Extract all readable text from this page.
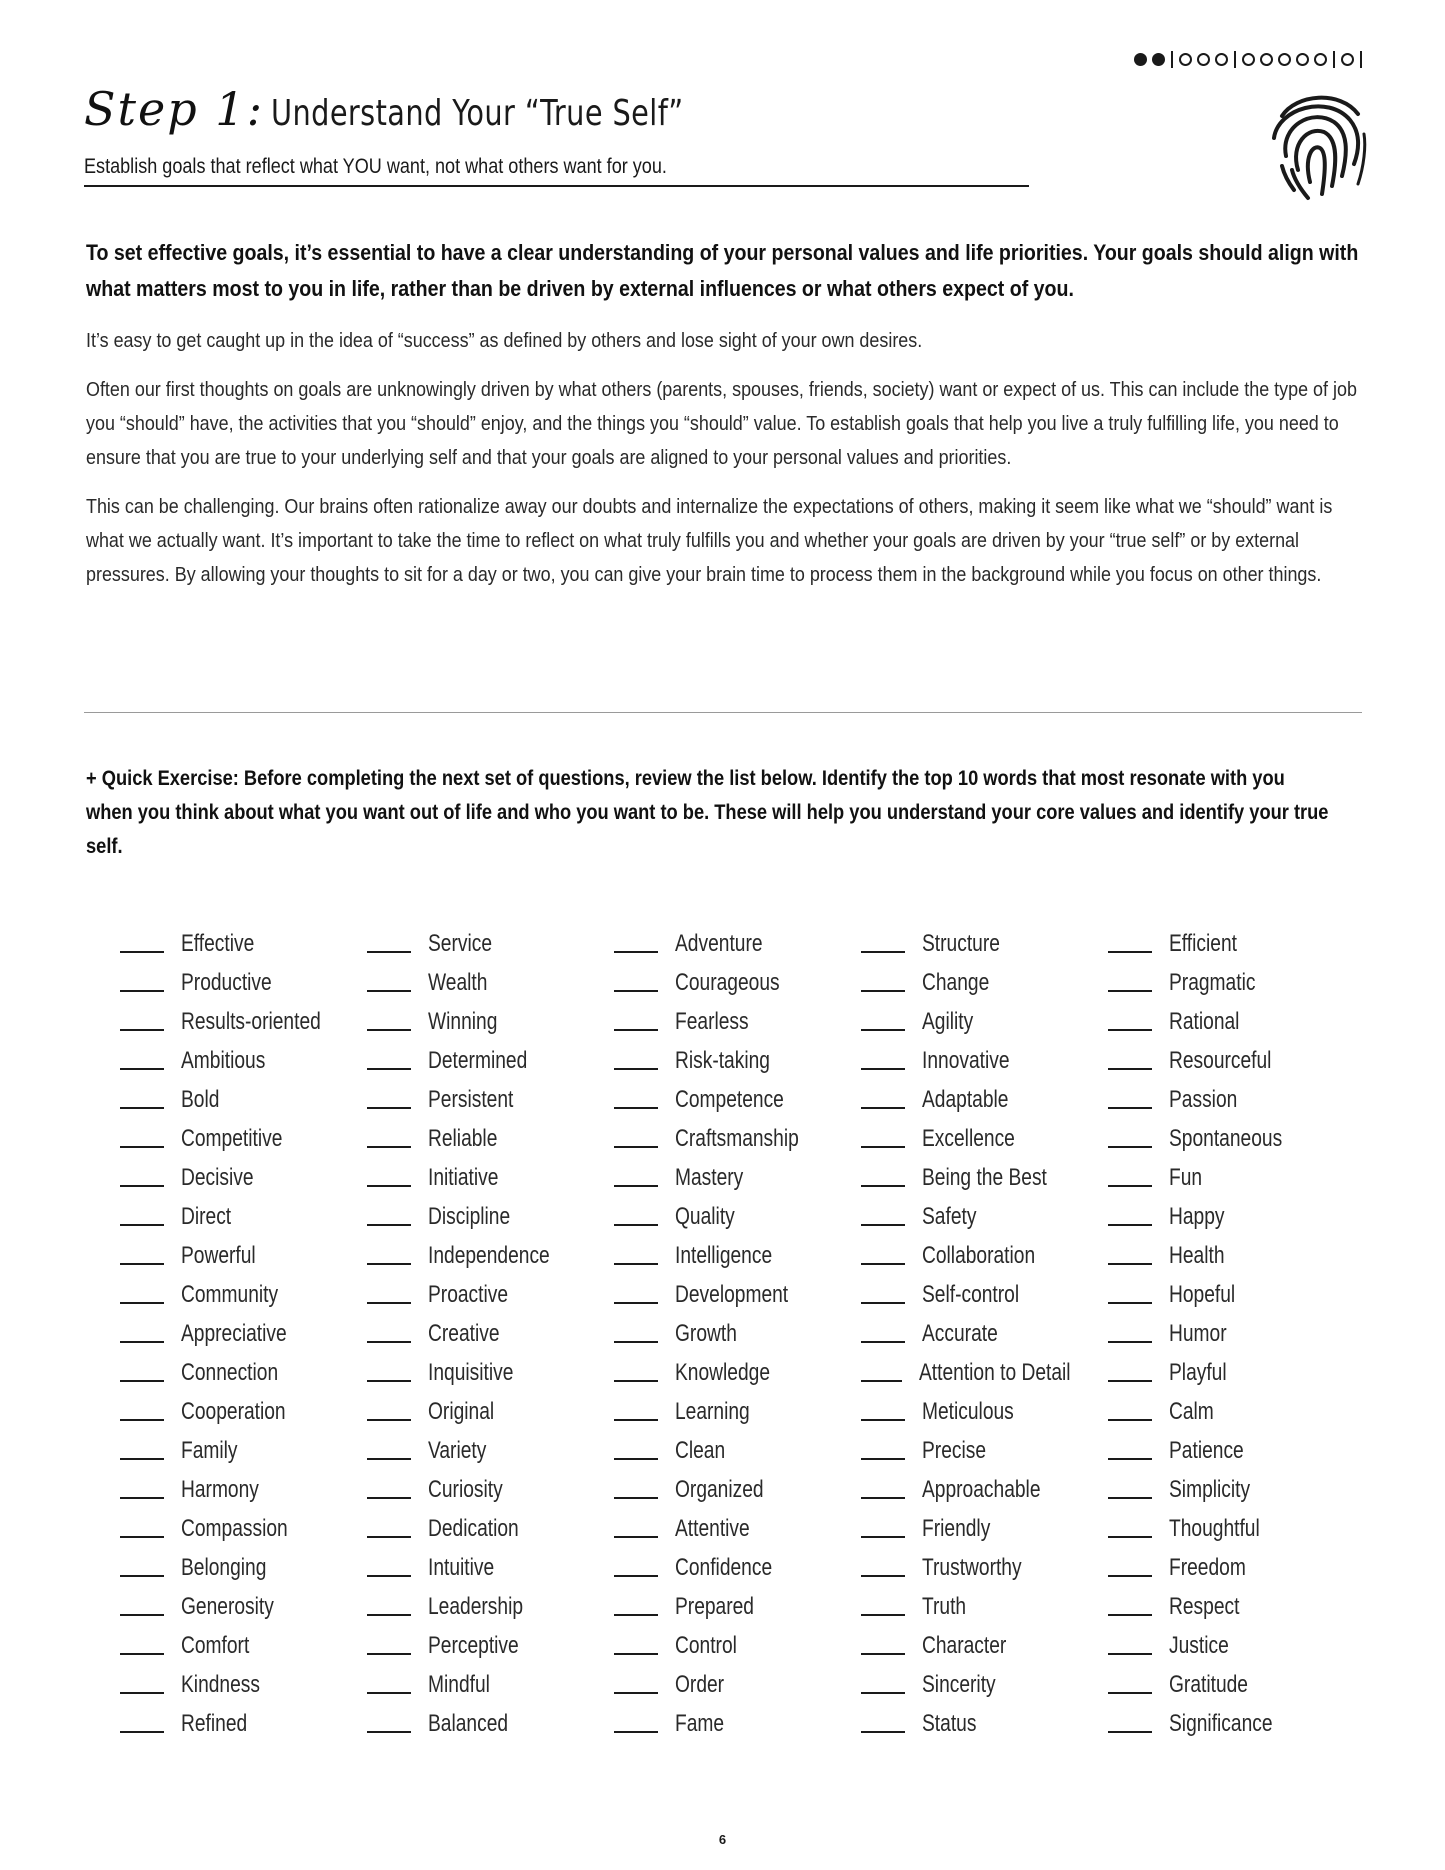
Step 1: Understand Your “True Self”
Establish goals that reflect what YOU want, not what others want for you.
To set effective goals, it’s essential to have a clear understanding of your personal values and life priorities. Your goals should align with what matters most to you in life, rather than be driven by external influences or what others expect of you.
It’s easy to get caught up in the idea of “success” as defined by others and lose sight of your own desires.
Often our first thoughts on goals are unknowingly driven by what others (parents, spouses, friends, society) want or expect of us. This can include the type of job you “should” have, the activities that you “should” enjoy, and the things you “should” value. To establish goals that help you live a truly fulfilling life, you need to ensure that you are true to your underlying self and that your goals are aligned to your personal values and priorities.
This can be challenging. Our brains often rationalize away our doubts and internalize the expectations of others, making it seem like what we “should” want is what we actually want. It’s important to take the time to reflect on what truly fulfills you and whether your goals are driven by your “true self” or by external pressures. By allowing your thoughts to sit for a day or two, you can give your brain time to process them in the background while you focus on other things.
+ Quick Exercise: Before completing the next set of questions, review the list below. Identify the top 10 words that most resonate with you when you think about what you want out of life and who you want to be. These will help you understand your core values and identify your true self.
Effective
Productive
Results-oriented
Ambitious
Bold
Competitive
Decisive
Direct
Powerful
Community
Appreciative
Connection
Cooperation
Family
Harmony
Compassion
Belonging
Generosity
Comfort
Kindness
Refined
Service
Wealth
Winning
Determined
Persistent
Reliable
Initiative
Discipline
Independence
Proactive
Creative
Inquisitive
Original
Variety
Curiosity
Dedication
Intuitive
Leadership
Perceptive
Mindful
Balanced
Adventure
Courageous
Fearless
Risk-taking
Competence
Craftsmanship
Mastery
Quality
Intelligence
Development
Growth
Knowledge
Learning
Clean
Organized
Attentive
Confidence
Prepared
Control
Order
Fame
Structure
Change
Agility
Innovative
Adaptable
Excellence
Being the Best
Safety
Collaboration
Self-control
Accurate
Attention to Detail
Meticulous
Precise
Approachable
Friendly
Trustworthy
Truth
Character
Sincerity
Status
Efficient
Pragmatic
Rational
Resourceful
Passion
Spontaneous
Fun
Happy
Health
Hopeful
Humor
Playful
Calm
Patience
Simplicity
Thoughtful
Freedom
Respect
Justice
Gratitude
Significance
6
